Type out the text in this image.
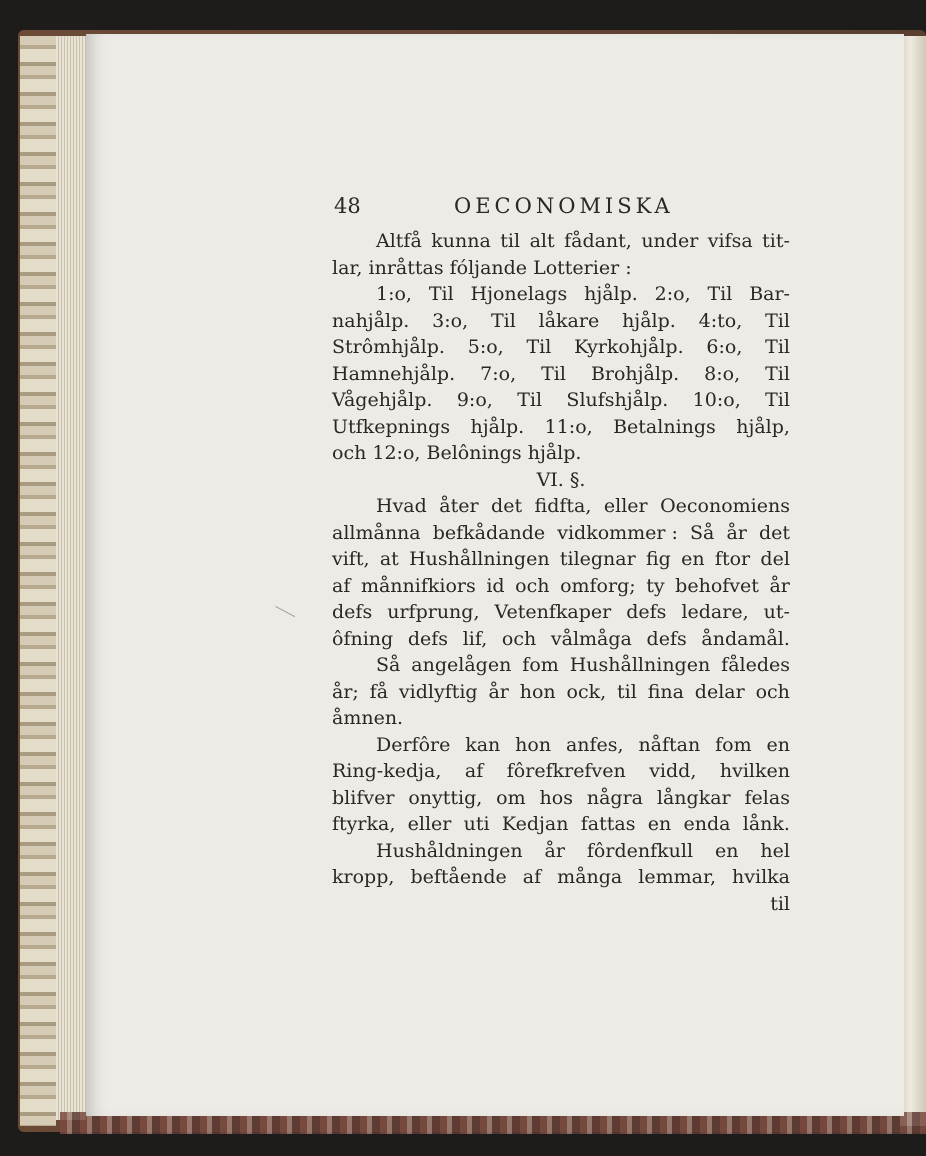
48	OECONOMISKA
Altfå kunna til alt fådant, under vifsa tit-
lar,
inråttas
fóljande
Lotterier :
1:o, Til Hjonelags hjålp. 2:o, Til Bar-
nahjålp. 3:o, Til låkare hjålp. 4:to, Til
Strômhjålp. 5:o, Til Kyrkohjålp. 6:o, Til
Hamnehjålp. 7:o, Til Brohjålp. 8:o, Til
Vågehjålp. 9:o, Til Slufshjålp. 10:o, Til
Utfkepnings hjålp. 11:o, Betalnings hjålp,
och
12:o,
Belônings
hjålp.
VI. §.
Hvad åter det fidfta, eller Oeconomiens
allmånna befkådande vidkommer : Så år det
vift, at Hushållningen tilegnar fig en ftor del
af månnifkiors id och omforg; ty behofvet år
defs urfprung, Vetenfkaper defs ledare, ut-
ôfning defs lif, och vålmåga defs åndamål.
Så angelågen fom Hushållningen fåledes
år; få vidlyftig år hon ock, til fina delar och
åmnen.
Derfôre kan hon anfes, nåftan fom en
Ring-kedja, af fôrefkrefven vidd, hvilken
blifver onyttig, om hos några långkar felas
ftyrka, eller uti Kedjan fattas en enda lånk.
Hushåldningen år fôrdenfkull en hel
kropp, beftående af många lemmar, hvilka
til
